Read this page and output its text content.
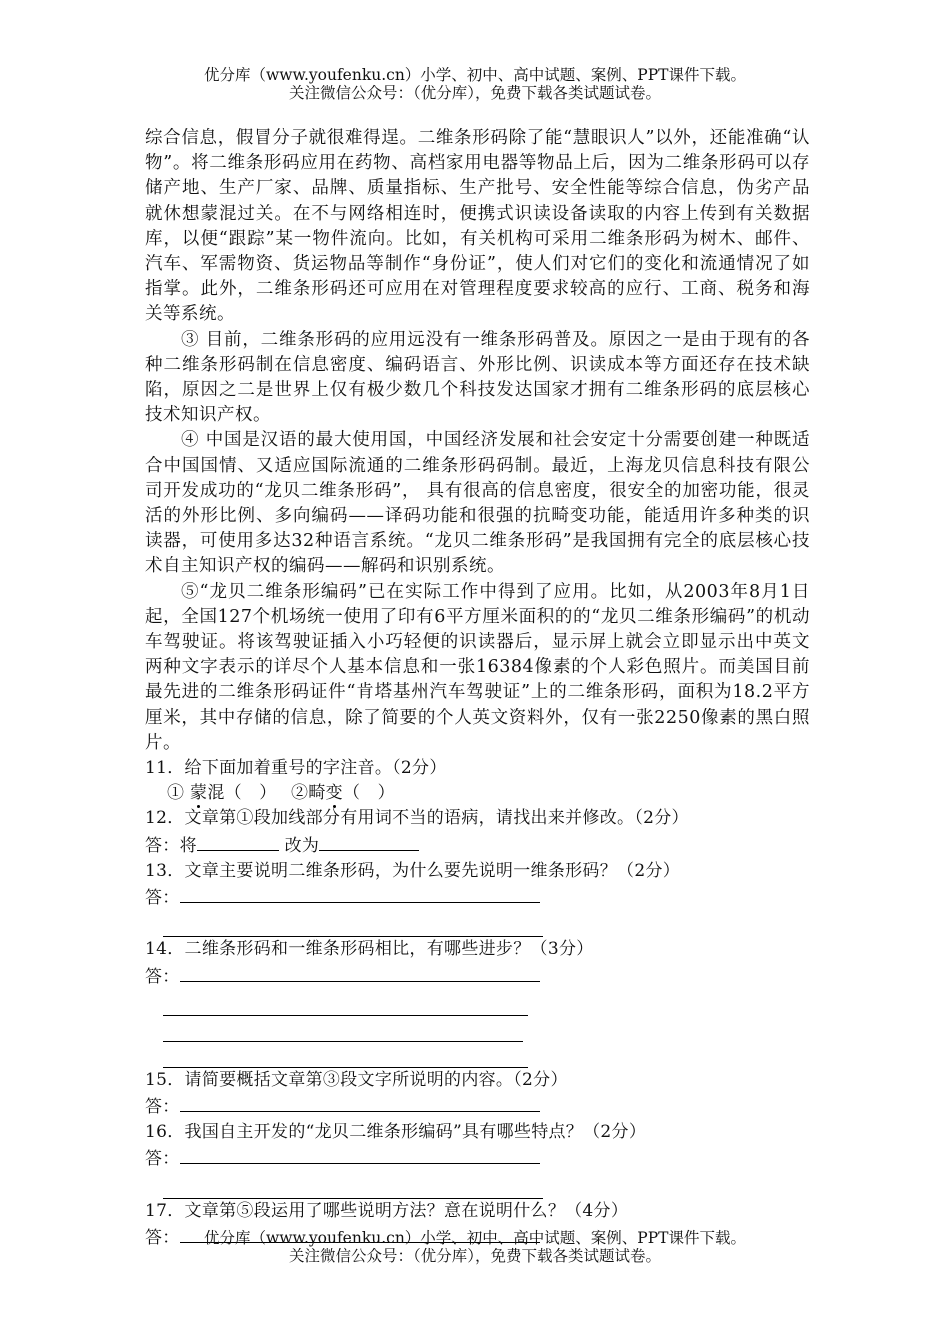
优分库（www.youfenku.cn）小学、初中、高中试题、案例、PPT课件下载。
关注微信公众号：（优分库），免费下载各类试题试卷。

综合信息，假冒分子就很难得逞。二维条形码除了能“慧眼识人”以外，还能准确“认物”。将二维条形码应用在药物、高档家用电器等物品上后，因为二维条形码可以存储产地、生产厂家、品牌、质量指标、生产批号、安全性能等综合信息，伪劣产品就休想蒙混过关。在不与网络相连时，便携式识读设备读取的内容上传到有关数据库，以便“跟踪”某一物件流向。比如，有关机构可采用二维条形码为树木、邮件、汽车、军需物资、货运物品等制作“身份证”，使人们对它们的变化和流通情况了如指掌。此外，二维条形码还可应用在对管理程度要求较高的应行、工商、税务和海关等系统。

③ 目前，二维条形码的应用远没有一维条形码普及。原因之一是由于现有的各种二维条形码制在信息密度、编码语言、外形比例、识读成本等方面还存在技术缺陷，原因之二是世界上仅有极少数几个科技发达国家才拥有二维条形码的底层核心技术知识产权。

④ 中国是汉语的最大使用国，中国经济发展和社会安定十分需要创建一种既适合中国国情、又适应国际流通的二维条形码码制。最近，上海龙贝信息科技有限公司开发成功的“龙贝二维条形码”， 具有很高的信息密度，很安全的加密功能，很灵活的外形比例、多向编码——译码功能和很强的抗畸变功能，能适用许多种类的识读器，可使用多达32种语言系统。“龙贝二维条形码”是我国拥有完全的底层核心技术自主知识产权的编码——解码和识别系统。

⑤“龙贝二维条形编码”已在实际工作中得到了应用。比如，从2003年8月1日起，全国127个机场统一使用了印有6平方厘米面积的的“龙贝二维条形编码”的机动车驾驶证。将该驾驶证插入小巧轻便的识读器后，显示屏上就会立即显示出中英文两种文字表示的详尽个人基本信息和一张16384像素的个人彩色照片。而美国目前最先进的二维条形码证件“肯塔基州汽车驾驶证”上的二维条形码，面积为18.2平方厘米，其中存储的信息，除了简要的个人英文资料外，仅有一张2250像素的黑白照片。

11．给下面加着重号的字注音。（2分）

① 蒙混（　）　 ②畸变（　）

12．文章第①段加线部分有用词不当的语病，请找出来并修改。（2分）

答：将	改为

13．文章主要说明二维条形码，为什么要先说明一维条形码？（2分）

答：

14．二维条形码和一维条形码相比，有哪些进步？（3分）

答：

15．请简要概括文章第③段文字所说明的内容。（2分）

答：

16．我国自主开发的“龙贝二维条形编码”具有哪些特点？（2分）

答：

17．文章第⑤段运用了哪些说明方法？意在说明什么？（4分）

答：	优分库（www.youfenku.cn）小学、初中、高中试题、案例、PPT课件下载。
关注微信公众号：（优分库），免费下载各类试题试卷。
